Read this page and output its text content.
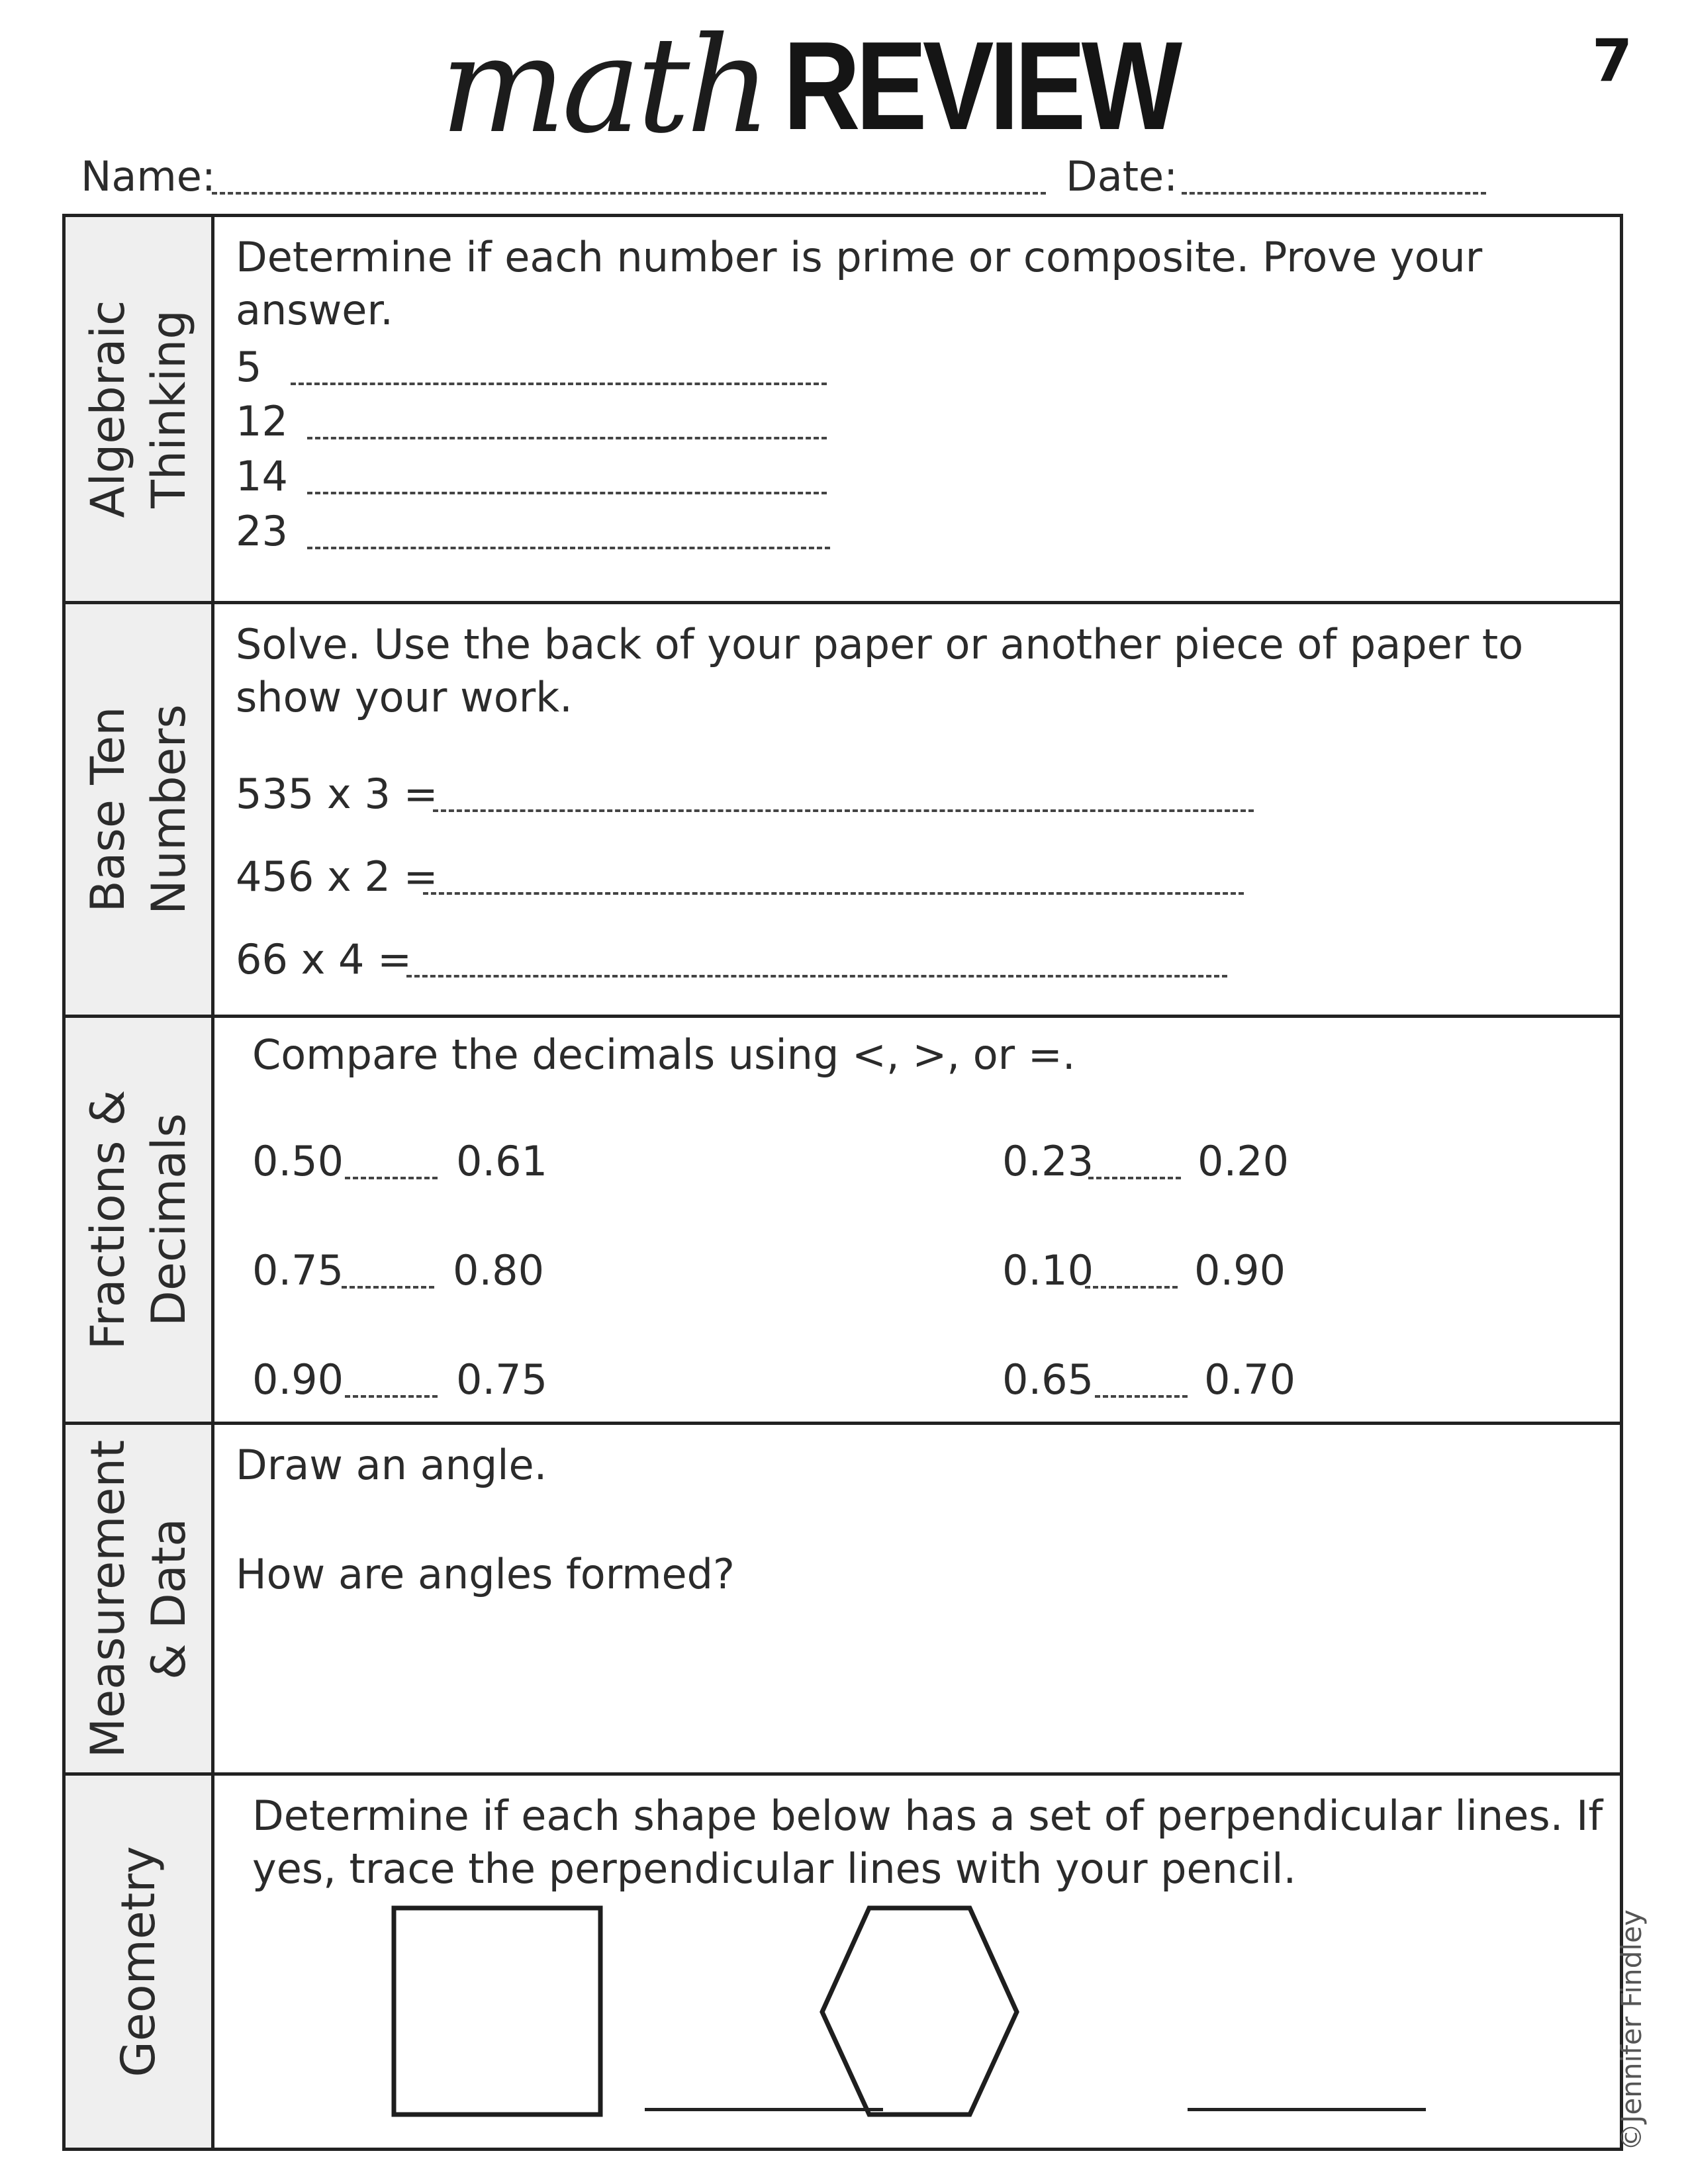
math REVIEW	7
Name:	Date:
Algebraic
Thinking
Determine if each number is prime or composite. Prove your
answer.
5
12
14
23
Base Ten
Numbers
Solve. Use the back of your paper or another piece of paper to
show your work.
535 x 3 =
456 x 2 =
66 x 4 =
Fractions &
Decimals
Compare the decimals using <, >, or =.
0.50	0.61	0.23	0.20
0.75	0.80	0.10 0.90
0.90	0.75	0.65	0.70
Measurement
& Data
Draw an angle.
How are angles formed?
Geometry
Determine if each shape below has a set of perpendicular lines. If
yes, trace the perpendicular lines with your pencil.
©Jennifer Findley
